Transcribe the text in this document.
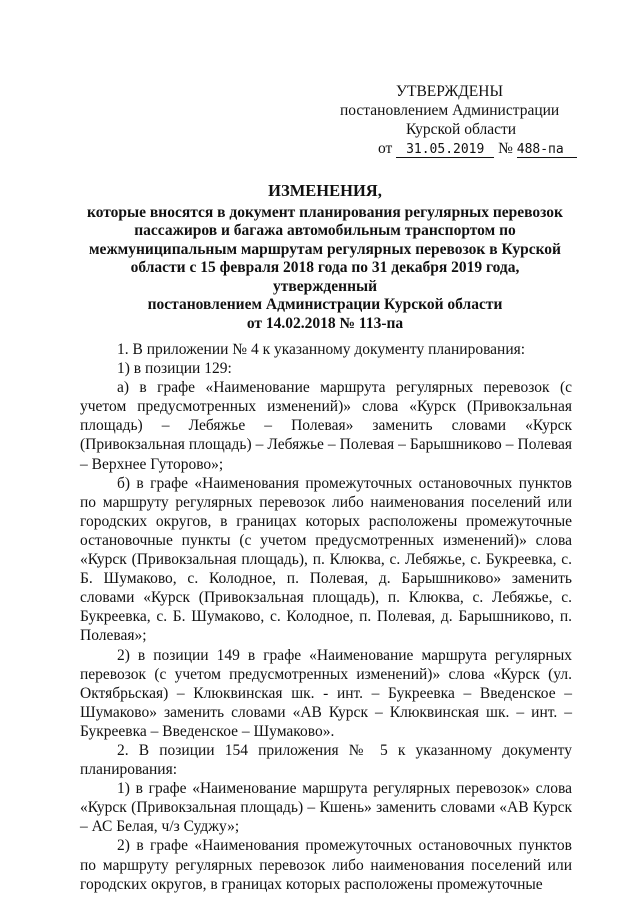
УТВЕРЖДЕНЫ
постановлением Администрации
Курской области
от 31.05.2019 № 488-па
ИЗМЕНЕНИЯ,
которые вносятся в документ планирования регулярных перевозок
пассажиров и багажа автомобильным транспортом по
межмуниципальным маршрутам регулярных перевозок в Курской
области с 15 февраля 2018 года по 31 декабря 2019 года, утвержденный
постановлением Администрации Курской области
от 14.02.2018 № 113-па

1. В приложении № 4 к указанному документу планирования:

1) в позиции 129:

а) в графе «Наименование маршрута регулярных перевозок (с учетом предусмотренных изменений)» слова «Курск (Привокзальная площадь) – Лебяжье – Полевая» заменить словами «Курск (Привокзальная площадь) – Лебяжье – Полевая – Барышниково – Полевая – Верхнее Гуторово»;

б) в графе «Наименования промежуточных остановочных пунктов по маршруту регулярных перевозок либо наименования поселений или городских округов, в границах которых расположены промежуточные остановочные пункты (с учетом предусмотренных изменений)» слова «Курск (Привокзальная площадь), п. Клюква, с. Лебяжье, с. Букреевка, с. Б. Шумаково, с. Колодное, п. Полевая, д. Барышниково» заменить словами «Курск (Привокзальная площадь), п. Клюква, с. Лебяжье, с. Букреевка, с. Б. Шумаково, с. Колодное, п. Полевая, д. Барышниково, п. Полевая»;

2) в позиции 149 в графе «Наименование маршрута регулярных перевозок (с учетом предусмотренных изменений)» слова «Курск (ул. Октябрьская) – Клюквинская шк. - инт. – Букреевка – Введенское – Шумаково» заменить словами «АВ Курск – Клюквинская шк. – инт. – Букреевка – Введенское – Шумаково».

2. В позиции 154 приложения № 5 к указанному документу планирования:

1) в графе «Наименование маршрута регулярных перевозок» слова «Курск (Привокзальная площадь) – Кшень» заменить словами «АВ Курск – АС Белая, ч/з Суджу»;

2) в графе «Наименования промежуточных остановочных пунктов по маршруту регулярных перевозок либо наименования поселений или городских округов, в границах которых расположены промежуточные
